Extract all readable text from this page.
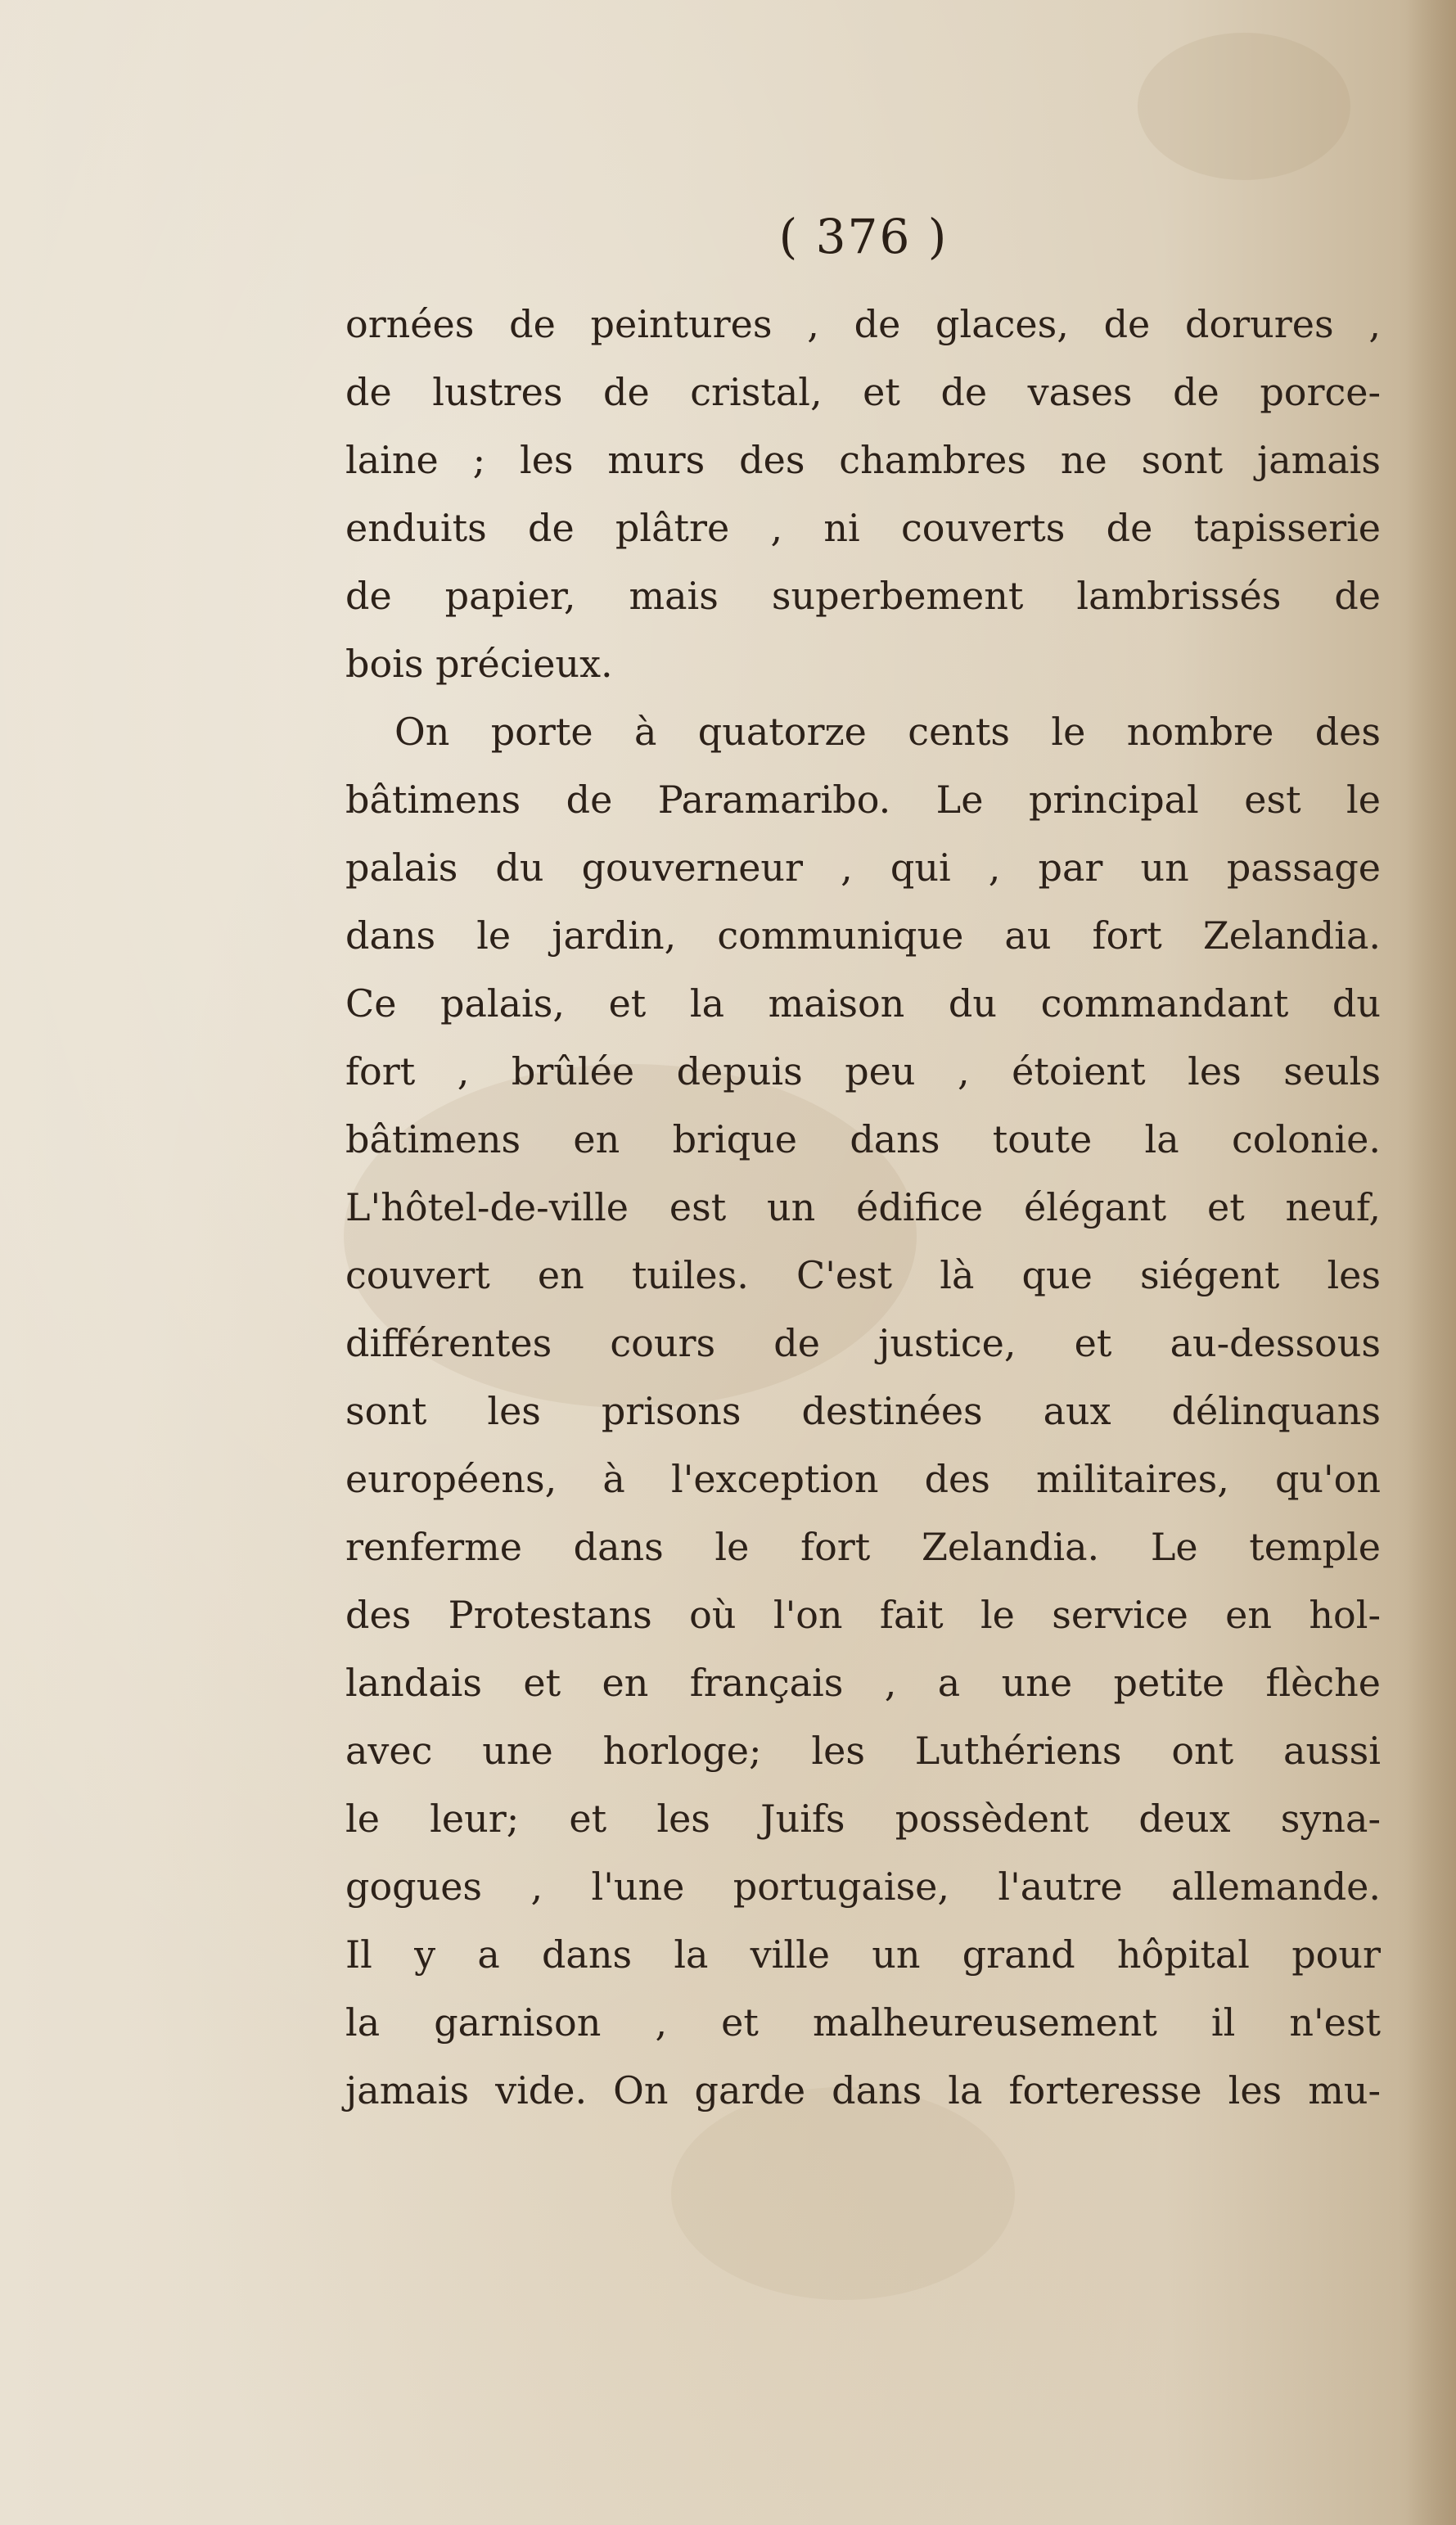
( 376 )
ornées de peintures , de glaces, de dorures ,
de lustres de cristal, et de vases de porce-
laine ; les murs des chambres ne sont jamais
enduits de plâtre , ni couverts de tapisserie
de papier, mais superbement lambrissés de
bois précieux.
On porte à quatorze cents le nombre des
bâtimens de Paramaribo. Le principal est le
palais du gouverneur , qui , par un passage
dans le jardin, communique au fort Zelandia.
Ce palais, et la maison du commandant du
fort , brûlée depuis peu , étoient les seuls
bâtimens en brique dans toute la colonie.
L'hôtel-de-ville est un édifice élégant et neuf,
couvert en tuiles. C'est là que siégent les
différentes cours de justice, et au-dessous
sont les prisons destinées aux délinquans
européens, à l'exception des militaires, qu'on
renferme dans le fort Zelandia. Le temple
des Protestans où l'on fait le service en hol-
landais et en français , a une petite flèche
avec une horloge; les Luthériens ont aussi
le leur; et les Juifs possèdent deux syna-
gogues , l'une portugaise, l'autre allemande.
Il y a dans la ville un grand hôpital pour
la garnison , et malheureusement il n'est
jamais vide. On garde dans la forteresse les mu-
